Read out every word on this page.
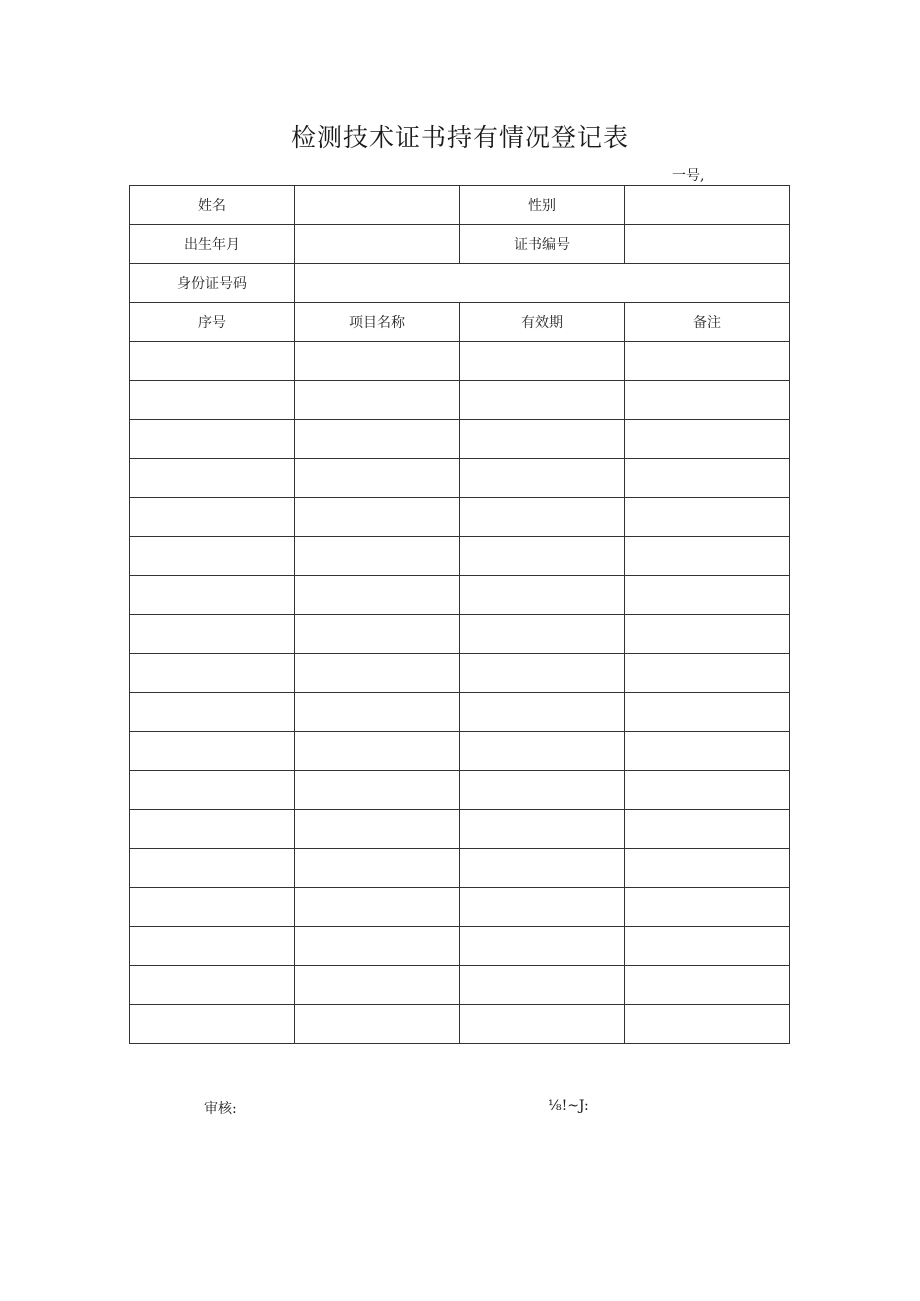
检测技术证书持有情况登记表
一号,
姓名		性别	
出生年月		证书编号	
身份证号码			
序号	项目名称	有效期	备注

审核:	⅛!~J:
